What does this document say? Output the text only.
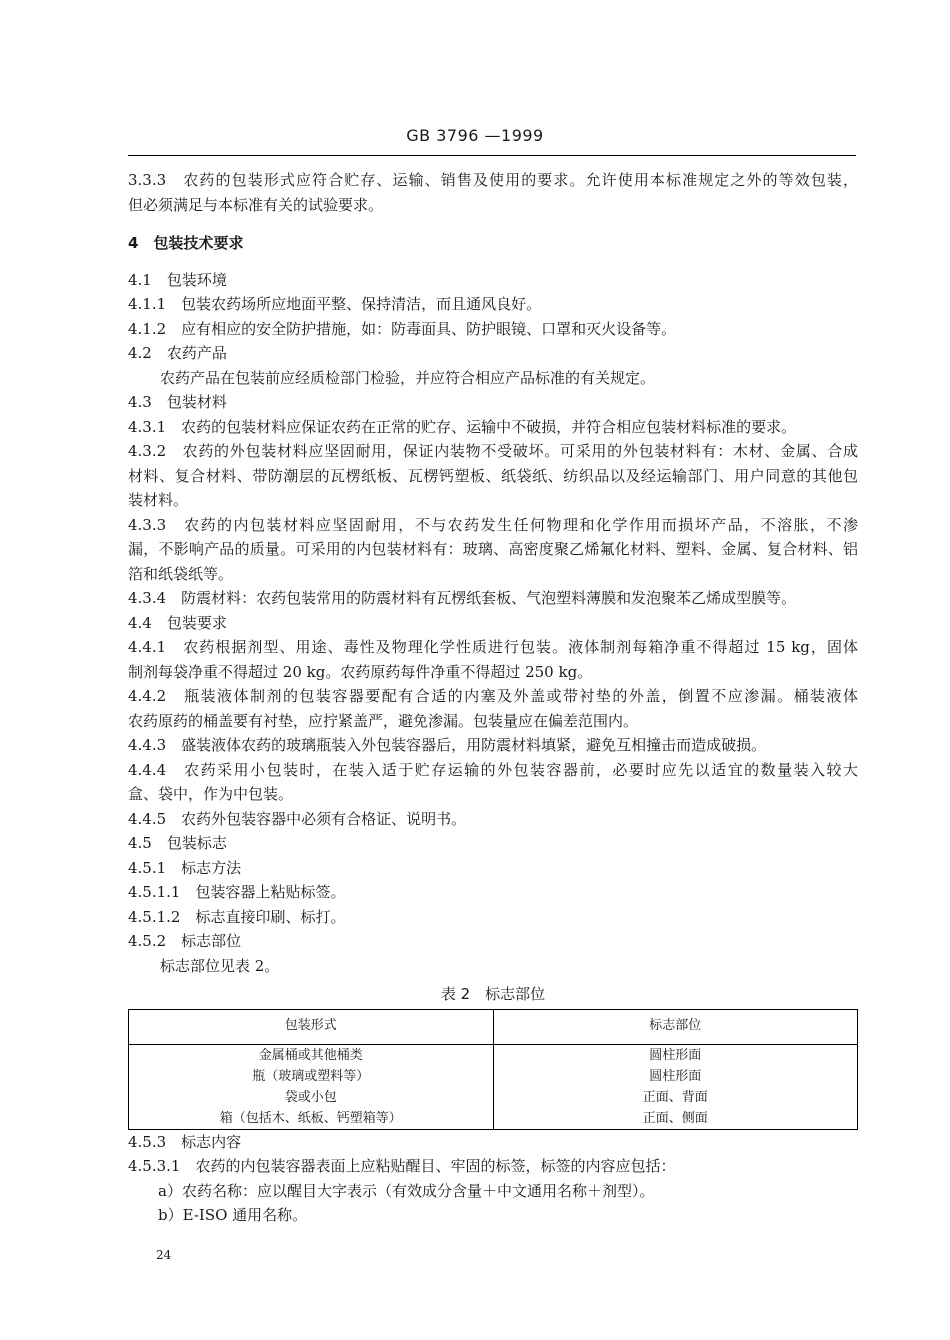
GB 3796 —1999
3.3.3　农药的包装形式应符合贮存、运输、销售及使用的要求。允许使用本标准规定之外的等效包装，
但必须满足与本标准有关的试验要求。
4　包装技术要求
4.1　包装环境
4.1.1　包装农药场所应地面平整、保持清洁，而且通风良好。
4.1.2　应有相应的安全防护措施，如：防毒面具、防护眼镜、口罩和灭火设备等。
4.2　农药产品
农药产品在包装前应经质检部门检验，并应符合相应产品标准的有关规定。
4.3　包装材料
4.3.1　农药的包装材料应保证农药在正常的贮存、运输中不破损，并符合相应包装材料标准的要求。
4.3.2　农药的外包装材料应坚固耐用，保证内装物不受破坏。可采用的外包装材料有：木材、金属、合成
材料、复合材料、带防潮层的瓦楞纸板、瓦楞钙塑板、纸袋纸、纺织品以及经运输部门、用户同意的其他包
装材料。
4.3.3　农药的内包装材料应坚固耐用，不与农药发生任何物理和化学作用而损坏产品，不溶胀，不渗
漏，不影响产品的质量。可采用的内包装材料有：玻璃、高密度聚乙烯氟化材料、塑料、金属、复合材料、铝
箔和纸袋纸等。
4.3.4　防震材料：农药包装常用的防震材料有瓦楞纸套板、气泡塑料薄膜和发泡聚苯乙烯成型膜等。
4.4　包装要求
4.4.1　农药根据剂型、用途、毒性及物理化学性质进行包装。液体制剂每箱净重不得超过 15 kg，固体
制剂每袋净重不得超过 20 kg。农药原药每件净重不得超过 250 kg。
4.4.2　瓶装液体制剂的包装容器要配有合适的内塞及外盖或带衬垫的外盖，倒置不应渗漏。桶装液体
农药原药的桶盖要有衬垫，应拧紧盖严，避免渗漏。包装量应在偏差范围内。
4.4.3　盛装液体农药的玻璃瓶装入外包装容器后，用防震材料填紧，避免互相撞击而造成破损。
4.4.4　农药采用小包装时，在装入适于贮存运输的外包装容器前，必要时应先以适宜的数量装入较大
盒、袋中，作为中包装。
4.4.5　农药外包装容器中必须有合格证、说明书。
4.5　包装标志
4.5.1　标志方法
4.5.1.1　包装容器上粘贴标签。
4.5.1.2　标志直接印刷、标打。
4.5.2　标志部位
标志部位见表 2。
表 2　标志部位
包装形式	标志部位
金属桶或其他桶类	圆柱形面
瓶（玻璃或塑料等）	圆柱形面
袋或小包	正面、背面
箱（包括木、纸板、钙塑箱等）	正面、侧面
4.5.3　标志内容
4.5.3.1　农药的内包装容器表面上应粘贴醒目、牢固的标签，标签的内容应包括：
a）农药名称：应以醒目大字表示（有效成分含量＋中文通用名称＋剂型）。
b）E-ISO 通用名称。
24
